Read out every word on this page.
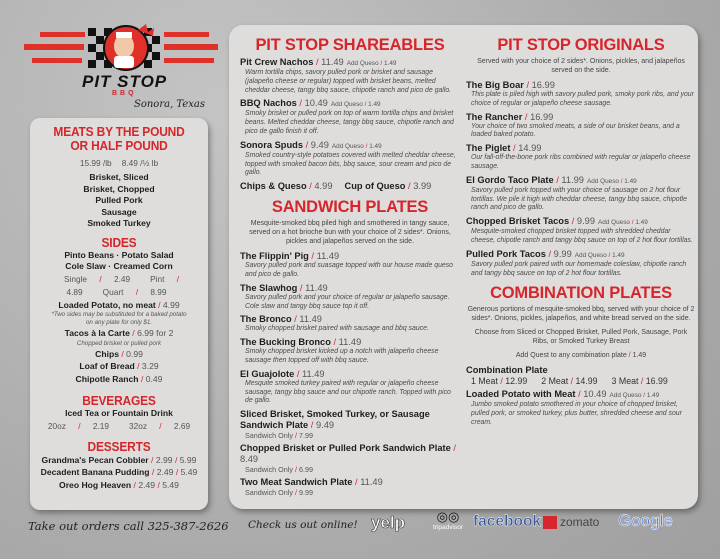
PIT STOP
BBQ
Sonora, Texas
MEATS BY THE POUND
OR HALF POUND
15.99 /lb 8.49 /½ lb
Brisket, Sliced
Brisket, Chopped
Pulled Pork
Sausage
Smoked Turkey
SIDES
Pinto Beans · Potato Salad
Cole Slaw · Creamed Corn
Single /	2.49 Pint/ 4.89 Quart /	8.99
Loaded Potato, no meat / 4.99
*Two sides may be substituted for a baked potato on any plate for only $1.
Tacos à la Carte / 6.99 for 2
Chopped brisket or pulled pork
Chips / 0.99
Loaf of Bread / 3.29
Chipotle Ranch / 0.49
BEVERAGES
Iced Tea or Fountain Drink
20oz /	2.19 32oz/	2.69
DESSERTS
Grandma's Pecan Cobbler / 2.99/ 5.99
Decadent Banana Pudding / 2.49/ 5.49
Oreo Hog Heaven / 2.49 / 5.49
PIT STOP SHAREABLES
Pit Crew Nachos / 11.49 Add Queso / 1.49
Warm tortilla chips, savory pulled pork or brisket and sausage (jalapeño cheese or regular) topped with brisket beans, melted cheddar cheese, tangy bbq sauce, chipotle ranch and pico de gallo.
BBQ Nachos / 10.49 Add Queso / 1.49
Smoky brisket or pulled pork on top of warm tortilla chips and brisket beans. Melted cheddar cheese, tangy bbq sauce, chipotle ranch and pico de gallo finish it off.
Sonora Spuds / 9.49 Add Queso / 1.49
Smoked country-style potatoes covered with melted cheddar cheese, topped with smoked bacon bits, bbq sauce, sour cream and pico de gallo.
Chips & Queso / 4.99 Cup of Queso/ 3.99
SANDWICH PLATES
Mesquite-smoked bbq piled high and smothered in tangy sauce, served on a hot brioche bun with your choice of 2 sides*. Onions, pickles and jalapeños served on the side.
The Flippin' Pig / 11.49
Savory pulled pork and suasage topped with our house made queso and pico de gallo.
The Slawhog / 11.49
Savory pulled pork and your choice of regular or jalapeño sausage. Cole slaw and tangy bbq sauce top it off.
The Bronco / 11.49
Smoky chopped brisket paired with sausage and bbq sauce.
The Bucking Bronco / 11.49
Smoky chopped brisket kicked up a notch with jalapeño cheese sausage then topped off with bbq sauce.
El Guajolote / 11.49
Mesquite smoked turkey paired with regular or jalapeño cheese sausage, tangy bbq sauce and our chipotle ranch. Topped with pico de gallo.
Sliced Brisket, Smoked Turkey, or Sausage Sandwich Plate / 9.49
Sandwich Only / 7.99
Chopped Brisket or Pulled Pork Sandwich Plate/ 8.49
Sandwich Only / 6.99
Two Meat Sandwich Plate / 11.49
Sandwich Only / 9.99
PIT STOP ORIGINALS
Served with your choice of 2 sides*. Onions, pickles, and jalapeños served on the side.
The Big Boar / 16.99
This plate is piled high with savory pulled pork, smoky pork ribs, and your choice of regular or jalapeño cheese sausage.
The Rancher / 16.99
Your choice of two smoked meats, a side of our brisket beans, and a loaded baked potato.
The Piglet / 14.99
Our fall-off-the-bone pork ribs combined with regular or jalapeño cheese sausage.
El Gordo Taco Plate / 11.99 Add Queso / 1.49
Savory pulled pork topped with your choice of sausage on 2 hot flour tortillas. We pile it high with cheddar cheese, tangy bbq sauce, chipotle ranch and pico de gallo.
Chopped Brisket Tacos / 9.99 Add Queso / 1.49
Mesquite-smoked chopped brisket topped with shredded cheddar cheese, chipotle ranch and tangy bbq sauce on top of 2 hot flour tortillas.
Pulled Pork Tacos / 9.99 Add Queso / 1.49
Savory pulled pork paired with our homemade coleslaw, chipotle ranch and tangy bbq sauce on top of 2 hot flour tortillas.
COMBINATION PLATES
Generous portions of mesquite-smoked bbq, served with your choice of 2 sides*. Onions, pickles, jalapeños, and white bread served on the side.
Choose from Sliced or Chopped Brisket, Pulled Pork, Sausage, Pork Ribs, or Smoked Turkey Breast
Add Quest to any combination plate / 1.49
Combination Plate
1 Meat / 12.99 2 Meat / 14.99 3 Meat / 16.99
Loaded Potato with Meat / 10.49 Add Queso / 1.49
Jumbo smoked potato smothered in your choice of chopped brisket, pulled pork, or smoked turkey, plus butter, shredded cheese and sour cream.
Take out orders call 325-387-2626 Check us out online! yelp	◎◎
tripadvisor facebook zomato Google
